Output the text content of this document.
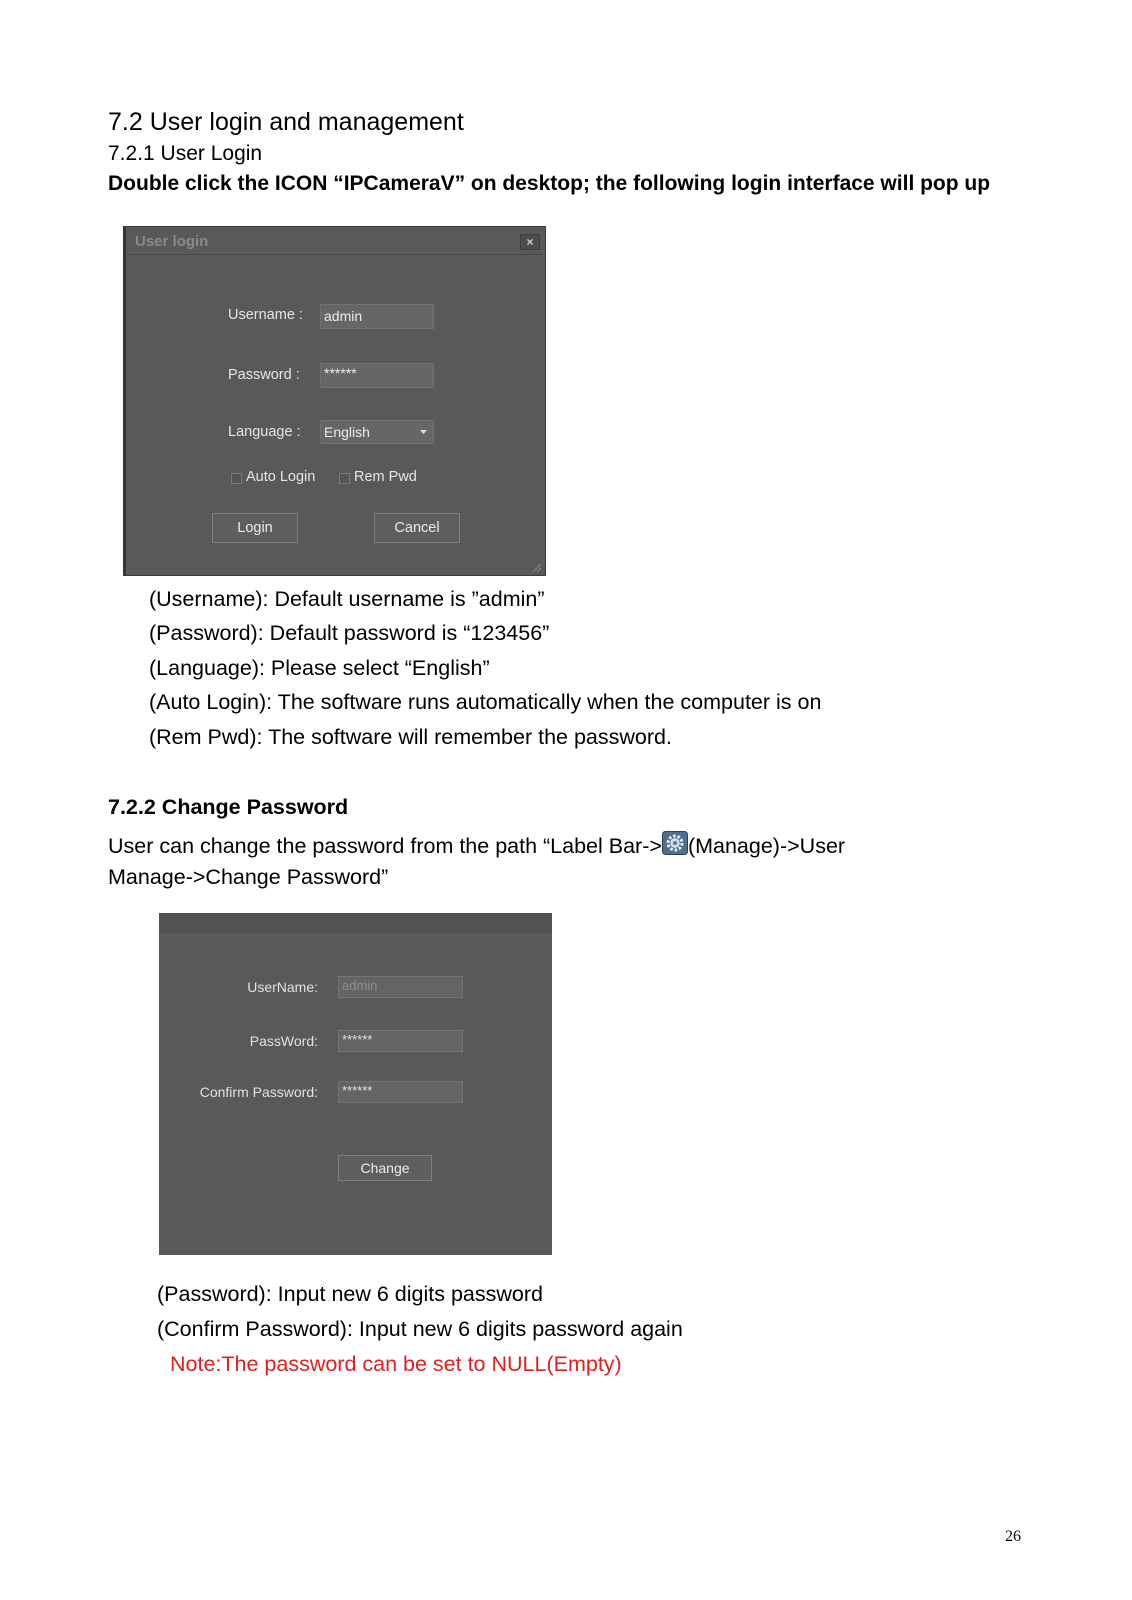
7.2 User login and management
7.2.1 User Login
Double click the ICON “IPCameraV” on desktop; the following login interface will pop up
User login	×
Username : admin
Password : ******
Language : English
Auto Login	Rem Pwd
Login	Cancel
(Username): Default username is ”admin”
(Password): Default password is “123456”
(Language): Please select “English”
(Auto Login): The software runs automatically when the computer is on
(Rem Pwd): The software will remember the password.
7.2.2 Change Password
User can change the password from the path “Label Bar-> (Manage)->User
Manage->Change Password”
UserName:	admin
PassWord:	******
Confirm Password:	******
Change
(Password): Input new 6 digits password
(Confirm Password): Input new 6 digits password again
Note:The password can be set to NULL(Empty)
26
